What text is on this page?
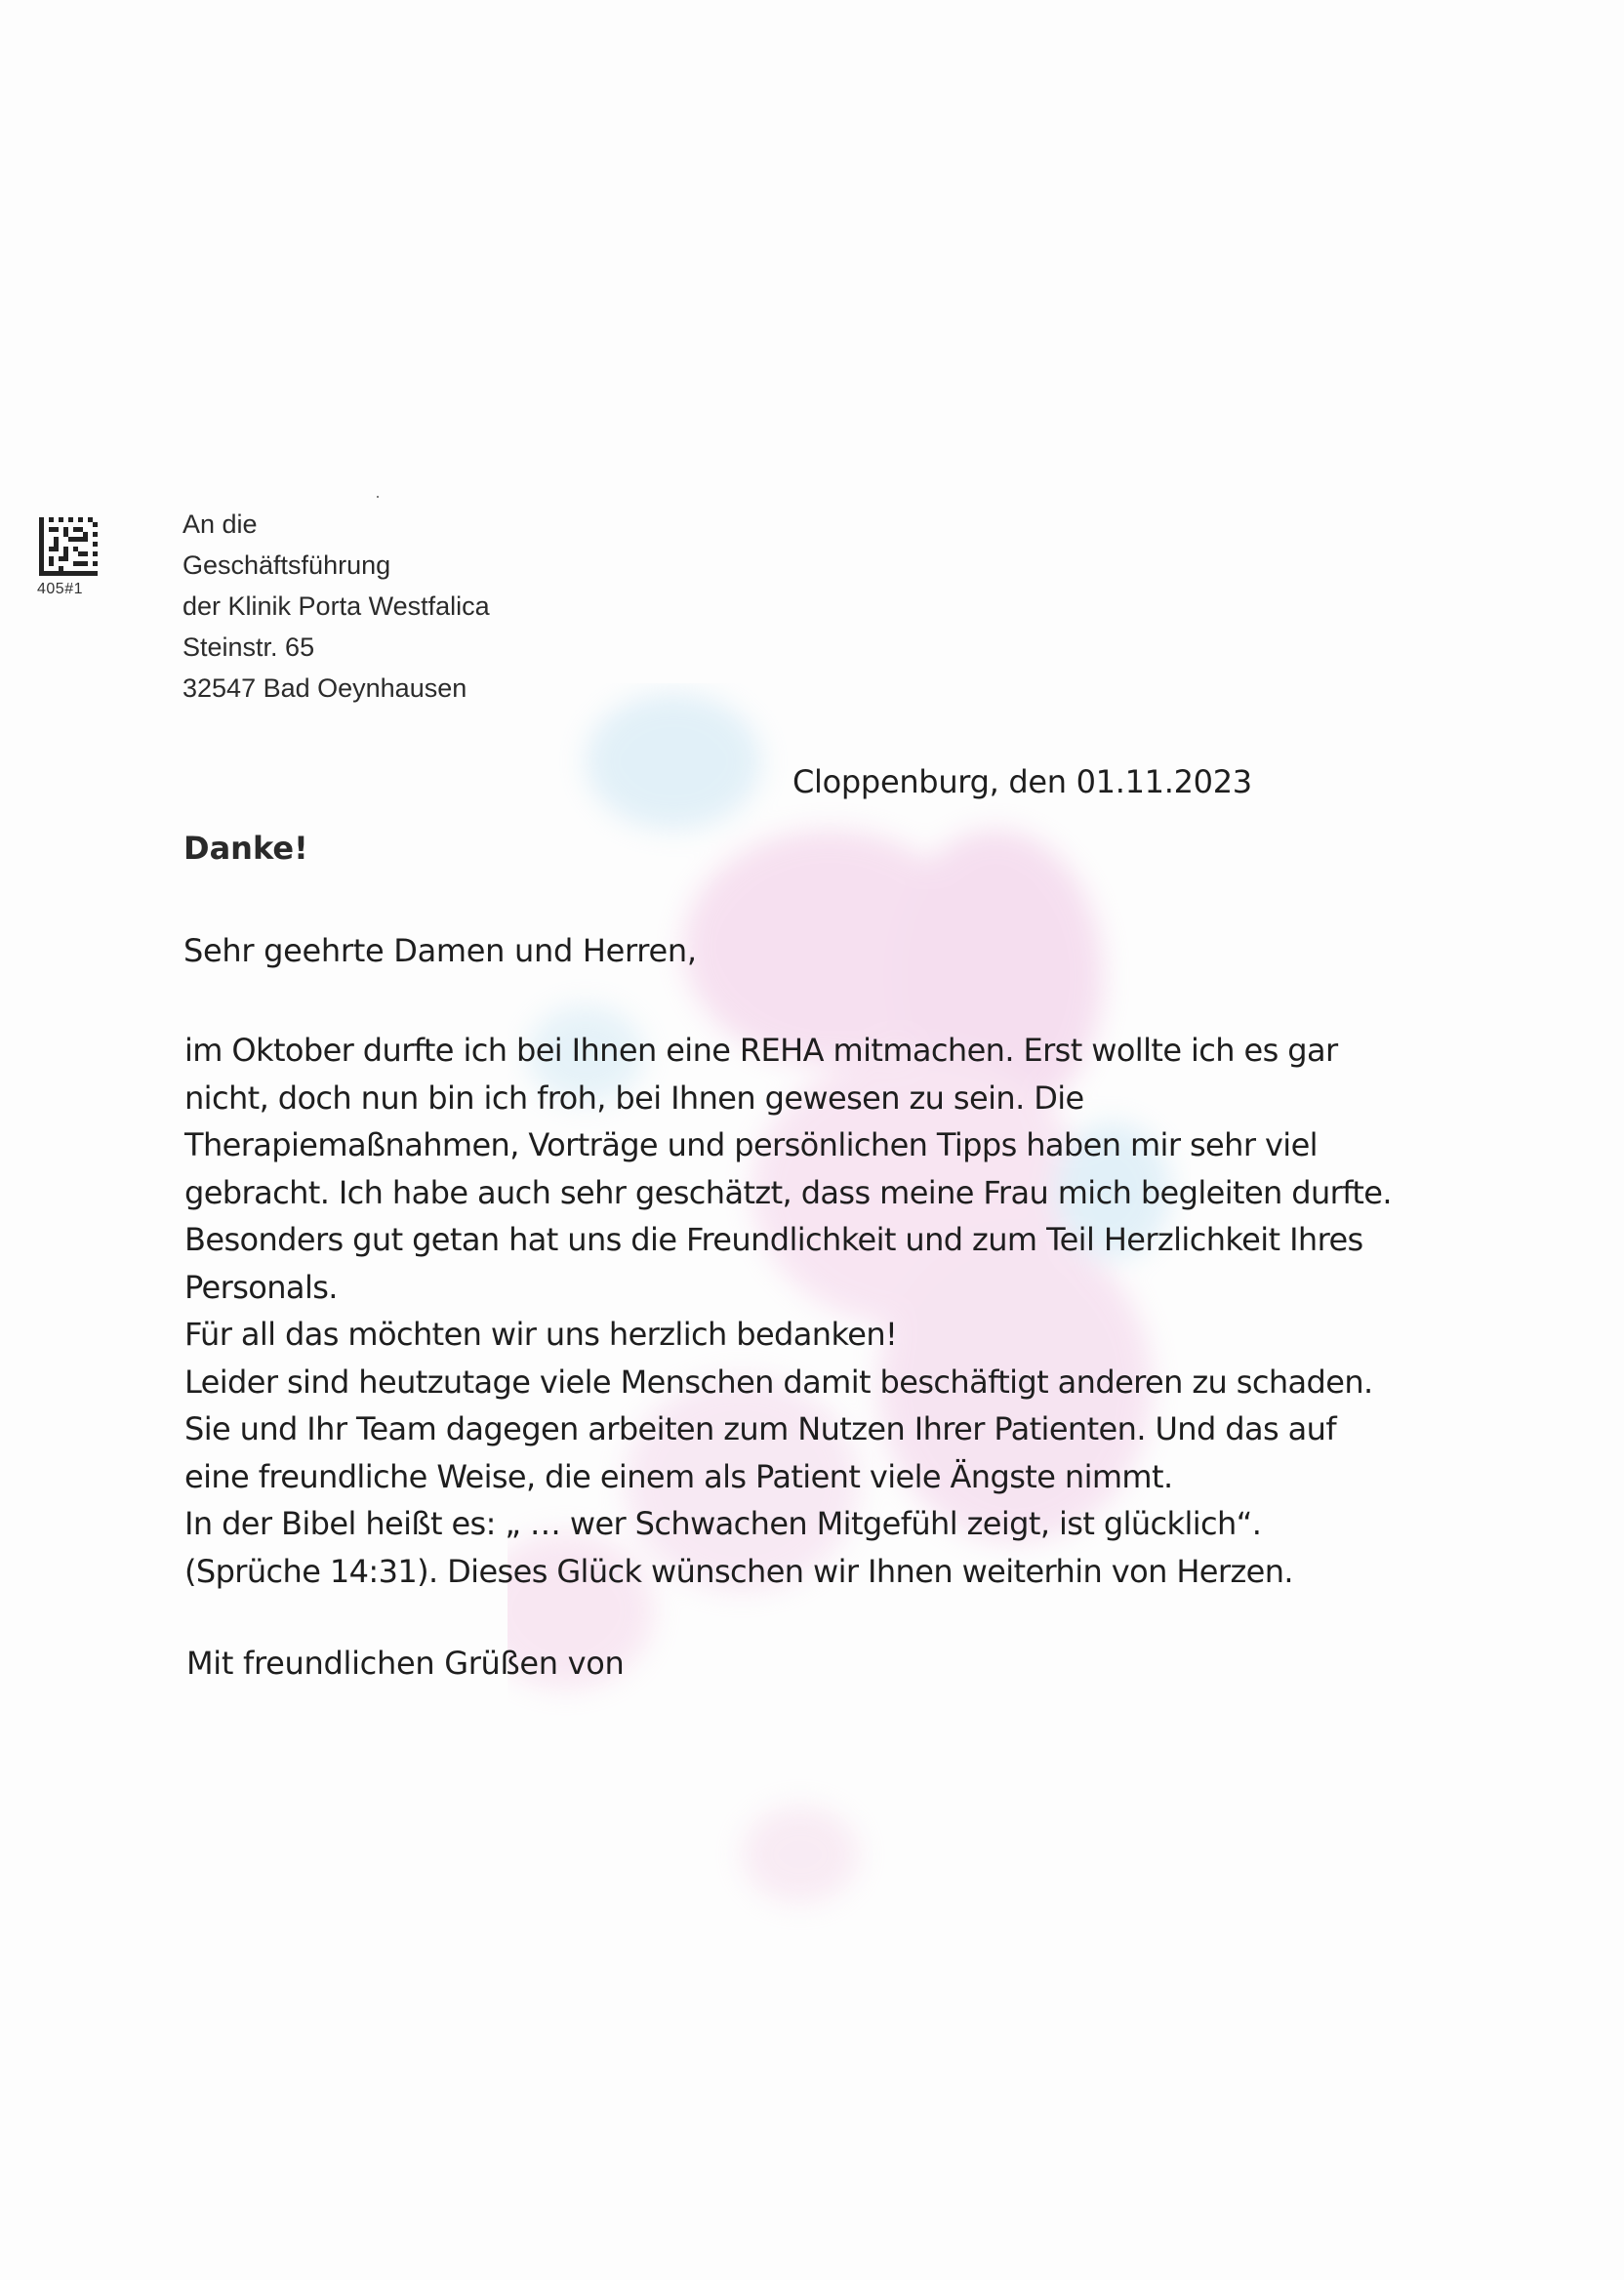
405#1
An die
Geschäftsführung
der Klinik Porta Westfalica
Steinstr. 65
32547 Bad Oeynhausen
Cloppenburg, den 01.11.2023
Danke!
Sehr geehrte Damen und Herren,
im Oktober durfte ich bei Ihnen eine REHA mitmachen. Erst wollte ich es gar
nicht, doch nun bin ich froh, bei Ihnen gewesen zu sein. Die
Therapiemaßnahmen, Vorträge und persönlichen Tipps haben mir sehr viel
gebracht. Ich habe auch sehr geschätzt, dass meine Frau mich begleiten durfte.
Besonders gut getan hat uns die Freundlichkeit und zum Teil Herzlichkeit Ihres
Personals.
Für all das möchten wir uns herzlich bedanken!
Leider sind heutzutage viele Menschen damit beschäftigt anderen zu schaden.
Sie und Ihr Team dagegen arbeiten zum Nutzen Ihrer Patienten. Und das auf
eine freundliche Weise, die einem als Patient viele Ängste nimmt.
In der Bibel heißt es: „ … wer Schwachen Mitgefühl zeigt, ist glücklich“.
(Sprüche 14:31). Dieses Glück wünschen wir Ihnen weiterhin von Herzen.
Mit freundlichen Grüßen von
